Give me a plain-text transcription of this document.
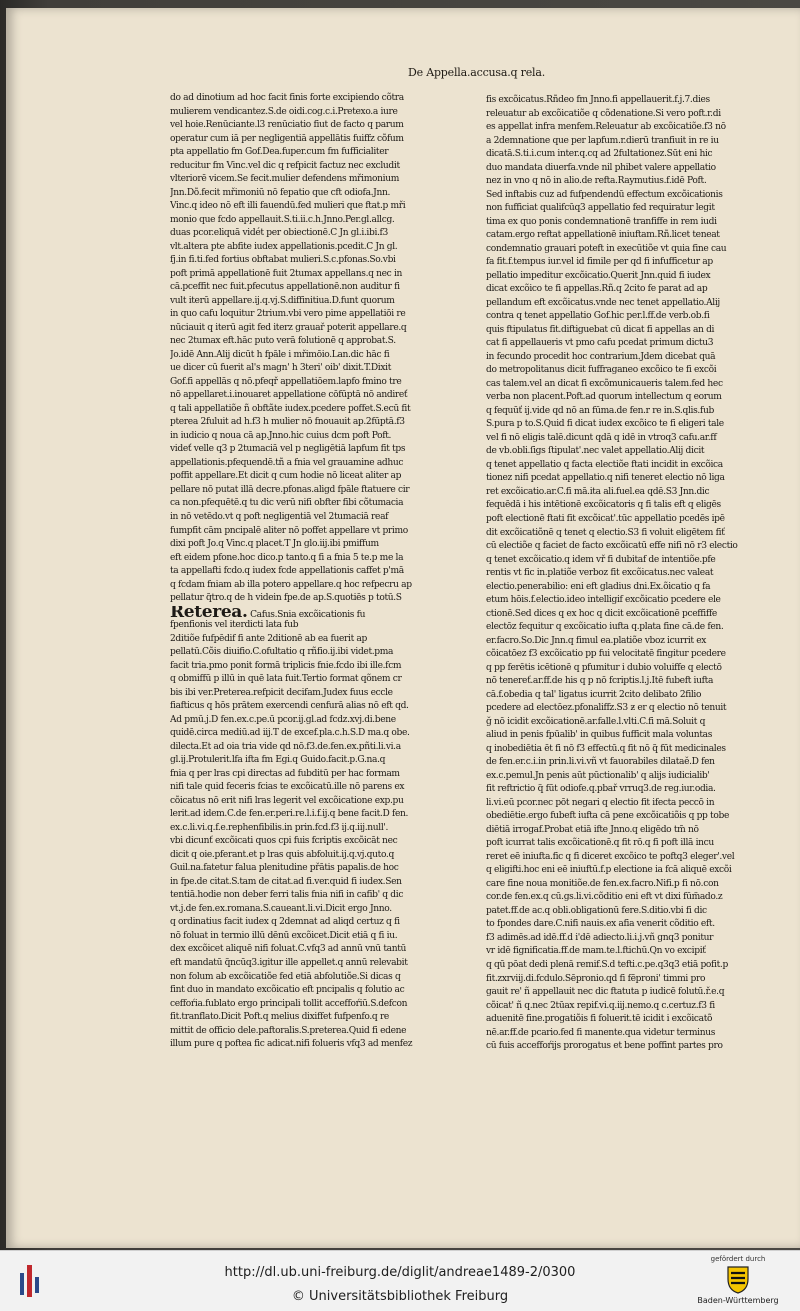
De Appella.accusa.q rela.
do ad dinotium ad hoc facit finis forte excipiendo cõtra
mulierem vendicantez.S.de oidi.cog.c.i.Pretexo.a iure
vel hoie.Renūciante.l3 renūciatio fiut de facto q parum
operatur cum iā per negligentiā appellātis fuiffz cõfum
pta appellatio fm Gof.Dea.fuper.cum fm fufficialiter
reducitur fm Vinc.vel dic q refpicit factuz nec excludit
vlteriorē vicem.Se fecit.mulier defendens mřimonium
Jnn.Dõ.fecit mřimoniū nō fepatio que cft odiofa.Jnn.
Vinc.q ideo nō eft illi fauendū.fed mulieri que ftat.p mři
monio que fcdo appellauit.S.ti.ii.c.h.Jnno.Per.gl.allcg.
duas pcor.eliquā vidét per obiectionē.C Jn gl.i.ibi.f3
vlt.altera pte abfite iudex appellationis.pcedit.C Jn gl.
fj.in fi.ti.fed fortius obftabat mulieri.S.c.pfonas.So.vbi
poft primā appellationē fuit 2tumax appellans.q nec in
cā.pceffit nec fuit.pfecutus appellationē.non auditur fi
vult iterū appellare.ij.q.vj.S.diffinitiua.D.funt quorum
in quo cafu loquitur 2trium.vbi vero pime appellatiōi re
nūciauit q iterū agit fed iterz grauař poterit appellare.q
nec 2tumax eft.hāc puto verā folutionē q approbat.S.
Jo.idē Ann.Alij dicūt h fpāle i mřimōio.Lan.dic hāc fi
ue dicer cū fuerit al's magn' h 3teri' oib' dixit.T.Dixit
Gof.fi appellās q nō.pfeqř appellatiōem.lapfo fmino tre
nō appellaret.i.inouaret appellatione cōfūptā nō andireť
q tali appellatiõe ñ obftãte iudex.pcedere poffet.S.ecū fit
pterea 2fuluit ad h.f3 h mulier nō fnouauit ap.2fūptā.f3
in iudicio q noua cā ap.Jnno.hic cuius dcm poft Poft.
videť velle q3 p 2tumaciā vel p negligētiā lapfum fit tps
appellationis.pfequendē.tñ a fnia vel grauamine adhuc
poffit appellare.Et dicit q cum hodie nō liceat aliter ap
pellare nō putat illā decre.pfonas.aligd fpāle ftatuere cir
ca non.pfequētē.q tu dic verū nifi obfter fibi cõtumacia
in nō vetēdo.vt q poft negligentiā vel 2tumaciā reaf
fumpfit cām pncipalē aliter nō poffet appellare vt primo
dixi poft Jo.q Vinc.q placet.T Jn glo.iij.ibi pmiffum
eft eidem pfone.hoc dico.p tanto.q fi a fnia 5 te.p me la
ta appellafti fcdo.q iudex fcde appellationis caffet p'mā
q fcdam fniam ab illa potero appellare.q hoc refpecru ap
pellatur q̃tro.q de h videin fpe.de ap.S.quotiēs p totū.S
Reterea. Cafus.Snia excõicationis fu
fpenfionis vel iterdicti lata fub
2ditiõe fufpēdif fi ante 2ditionē ab ea fuerit ap
pellatū.Cõis diuifio.C.ofultatio q rñfio.ij.ibi videt.pma
facit tria.pmo ponit formā triplicis fnie.fcdo ibi ille.fcm
q obmiffū p illū in quē lata fuit.Tertio format qõnem cr
bis ibi ver.Preterea.refpicit decifam.Judex fuus eccle
fiafticus q hōs prātem exercendi cenfurā alias nō eft qd.
Ad pmū.j.D fen.ex.c.pe.ū pcor.ij.gl.ad fcdz.xvj.di.bene
quidē.circa mediū.ad iij.T de excef.pla.c.h.S.D ma.q obe.
dilecta.Et ad oia tria vide qd nō.f3.de.fen.ex.pñti.li.vi.a
gl.ij.Protulerit.lfa ifta fm Egi.q Guido.facit.p.G.na.q
fnia q per lras cpi directas ad fubditū per hac formam
nifi tale quid feceris fcias te excõicatū.ille nō parens ex
cõicatus nō erit nifi lras legerit vel excõicatione exp.pu
lerit.ad idem.C.de fen.er.peri.re.l.i.f.ij.q bene facit.D fen.
ex.c.li.vi.q.f.e.rephenfibilis.in prin.fcd.f3 ij.q.iij.null'.
vbi dicunť excõicati quos cpi fuis fcriptis excõicāt nec
dicit q oie.pferant.et p lras quis abfoluit.ij.q.vj.quto.q
Guil.na.fatetur falua plenitudine přātis papalis.de hoc
in fpe.de citat.S.tam de citat.ad fi.ver.quid fi iudex.Sen
tentiā.hodie non deber ferri talis fnia nifi in cafib' q dic
vt.j.de fen.ex.romana.S.caueant.li.vi.Dicit ergo Jnno.
q ordinatius facit iudex q 2demnat ad aliqd certuz q fi
nō foluat in termio illū dēnū excõicet.Dicit etiā q fi iu.
dex excõicet aliquē nifi foluat.C.vfq3 ad annū vnū tantū
eft mandatū q̃ncūq3.igitur ille appellet.q annū relevabit
non folum ab excõicatiõe fed etiā abfolutiõe.Si dicas q
fint duo in mandato excõicatio eft pncipalis q folutio ac
ceffoŕia.fublato ergo principali tollit acceffoŕiū.S.defcon
fit.tranflato.Dicit Poft.q melius dixiffet fufpenfo.q re
mittit de officio dele.paftoralis.S.preterea.Quid fi edene
illum pure q poftea fic adicat.nifi folueris vfq3 ad menfez
fis excõicatus.Rñdeo fm Jnno.fi appellauerit.f.j.7.dies
releuatur ab excõicatiõe q cõdenatione.Si vero poft.r.di
es appellat infra menfem.Releuatur ab excõicatiõe.f3 nō
a 2demnatione que per lapfum.r.dierū tranfiuit in re iu
dicatā.S.ti.i.cum inter.q.cq ad 2fultationez.Sūt eni hic
duo mandata diuerfa.vnde nil phibet valere appellatio
nez in vno q nō in alio.de refta.Raymutius.f.idē Poft.
Sed inftabis cuz ad fufpendendū effectum excõicationis
non fufficiat qualifcūq3 appellatio fed requiratur legit
tima ex quo ponis condemnationē tranfiffe in rem iudi
catam.ergo reftat appellationē iniuftam.Rñ.licet teneat
condemnatio grauari poteft in execūtiõe vt quia fine cau
fa fit.f.tempus iur.vel id fimile per qd fi infufficetur ap
pellatio impeditur excõicatio.Querit Jnn.quid fi iudex
dicat excõico te fi appellas.Rñ.q 2cito fe parat ad ap
pellandum eft excõicatus.vnde nec tenet appellatio.Alij
contra q tenet appellatio Gof.hic per.l.ff.de verb.ob.fi
quis ftipulatus fit.diftiguebat cū dicat fi appellas an di
cat fi appellaueris vt pmo cafu pcedat primum dictu3
in fecundo procedit hoc contrarium.Jdem dicebat quā
do metropolitanus dicit fuffraganeo excõico te fi excõi
cas talem.vel an dicat fi excõmunicaueris talem.fed hec
verba non placent.Poft.ad quorum intellectum q eorum
q fequūť ij.vide qd nō an fūma.de fen.r re in.S.qlis.fub
S.pura p to.S.Quid fi dicat iudex excõico te fi eligeri tale
vel fi nō eligis talē.dicunt qdā q idē in vtroq3 cafu.ar.ff
de vb.obli.ſigs ſtipulat'.nec valet appellatio.Alij dicit
q tenet appellatio q facta electiõe ftati incidit in excõica
tionez nifi pcedat appellatio.q nifi teneret electio nō liga
ret excõicatio.ar.C.fi mā.ita ali.fuel.ea qdē.S3 Jnn.dic
fequēdā i his intētionē excõicatoris q fi talis eft q eligēs
poft electionē ftati fit excõicat'.tūc appellatio pcedēs ipē
dit excõicatiõnē q tenet q electio.S3 fi voluit eligētem fiť
cū electiõe q faciet de facto excõicatū effe nifi nō r3 electio
q tenet excõicatio.q idem vř fi dubitaf de intentiõe.pfe
rentis vt fic in.platiõe verboz fit excõicatus.nec valeat
electio.penerabilio: eni eft gladius dni.Ex.õicatio q fa
etum hōis.f.electio.ideo intelligif excõicatio pcedere ele
ctionē.Sed dices q ex hoc q dicit excõicationē pceffiffe
electōz fequitur q excõicatio iufta q.plata fine cā.de fen.
er.facro.So.Dic Jnn.q fimul ea.platiõe vboz icurrit ex
cõicatōez f3 excõicatio pp fui velocitatē fingitur pcedere
q pp ferētis icētionē q pfumitur i dubio voluiffe q electō
nō tenereť.ar.ff.de his q p nō fcriptis.l.j.Itē fubeft iufta
cā.f.obedia q tal' ligatus icurrit 2cito delibato 2filio
pcedere ad electōez.pfonaliffz.S3 ƶ er q electio nō tenuit
ğ nō icidit excõicationē.ar.falle.l.vlti.C.fi mā.Soluit q
aliud in penis fpūalib' in quibus fufficit mala voluntas
q inobediētia ēt fi nō f3 effectū.q fit nō q̃ fūt medicinales
de fen.er.c.i.in prin.li.vi.vñ vt fauorabiles dilataĕ.D fen
ex.c.pemul.Jn penis aūt pūctionalib' q alijs iudicialib'
fit reftrictio q̃ fūt odiofe.q.pbař vrruq3.de reg.iur.odia.
li.vi.eū pcor.nec pōt negari q electio fit ifecta peccō in
obediētie.ergo fubeft iufta cā pene excõicatiõis q pp tobe
diētiā irrogaf.Probat etiā ifte Jnno.q eligēdo tm̃ nō
poft icurrat talis excõicationē.q fit rō.q fi poft illā incu
reret eē iniufta.fic q fi diceret excõico te poftq3 eleger'.vel
q eligifti.hoc eni eē iniuftū.f.p electione ia fcā aliquē excõi
care fine noua monitiõe.de fen.ex.facro.Nifi.p fi nō.con
cor.de fen.ex.q cū.gs.li.vi.cõditio eni eft vt dixi fūm̃ado.z
patet.ff.de ac.q obli.obligationū fere.S.ditio.vbi fi dic
to fpondes dare.C.nifi nauis.ex afia venerit cõditio eft.
f3 adimēs.ad idē.ff.d i'dē adiecto.li.i.j.vñ gnq3 ponitur
vr idē fignificatia.ff.de mam.te.l.ftichū.Qn vo excipiť
q qū pōat dedi plenā remif.S.d tefti.c.pe.q3q3 etiā pofit.p
fit.zxrviij.di.fcdulo.Sēpronio.qd fi fēproni' timmi pro
gauit re' ñ appellauit nec dic ftatuta p iudicē folutū.ř.e.q
cõicat' ñ q.nec 2tūax repif.vi.q.iij.nemo.q c.certuz.f3 fi
aduenitē fine.progatiõis fi foluerit.tē icidit i excõicatõ
nē.ar.ff.de pcario.fed fi manente.qua videtur terminus
cū fuis acceffoŕijs prorogatus et bene poffint partes pro
http://dl.ub.uni-freiburg.de/diglit/andreae1489-2/0300
© Universitätsbibliothek Freiburg
gefördert durch
Baden-Württemberg
